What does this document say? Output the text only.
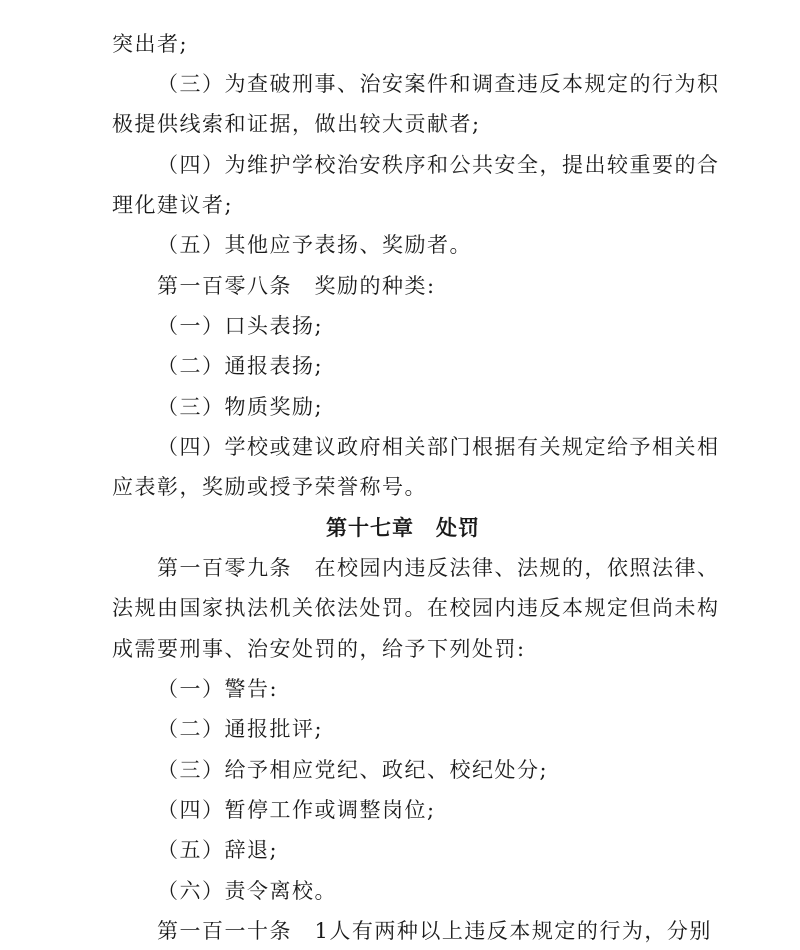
突出者;
（三）为查破刑事、治安案件和调查违反本规定的行为积
极提供线索和证据，做出较大贡献者;
（四）为维护学校治安秩序和公共安全，提出较重要的合
理化建议者;
（五）其他应予表扬、奖励者。
第一百零八条　奖励的种类:
（一）口头表扬;
（二）通报表扬;
（三）物质奖励;
（四）学校或建议政府相关部门根据有关规定给予相关相
应表彰，奖励或授予荣誉称号。
第十七章　处罚
第一百零九条　在校园内违反法律、法规的，依照法律、
法规由国家执法机关依法处罚。在校园内违反本规定但尚未构
成需要刑事、治安处罚的，给予下列处罚:
（一）警告:
（二）通报批评;
（三）给予相应党纪、政纪、校纪处分;
（四）暂停工作或调整岗位;
（五）辞退;
（六）责令离校。
第一百一十条　1人有两种以上违反本规定的行为，分别
